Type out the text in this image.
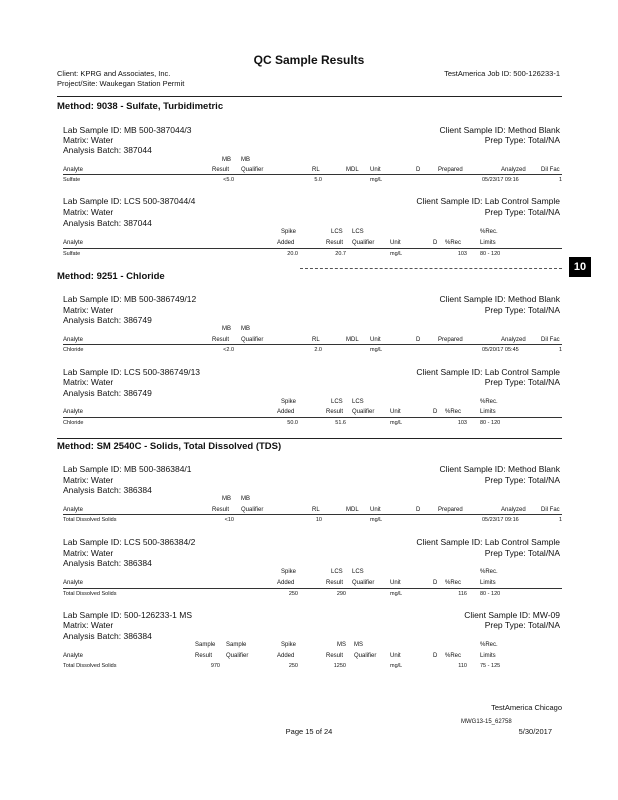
QC Sample Results
Client: KPRG and Associates, Inc.
Project/Site: Waukegan Station Permit
TestAmerica Job ID: 500-126233-1
10
Method: 9038 - Sulfate, Turbidimetric
Lab Sample ID: MB 500-387044/3	Client Sample ID: Method Blank
Matrix: Water	Prep Type: Total/NA
Analysis Batch: 387044
MB MB
Analyte	Result Qualifier	RL	MDL Unit	D	Prepared	Analyzed	Dil Fac
Sulfate	<5.0	5.0	mg/L	05/23/17 09:16	1
Lab Sample ID: LCS 500-387044/4	Client Sample ID: Lab Control Sample
Matrix: Water	Prep Type: Total/NA
Analysis Batch: 387044
Spike	LCS LCS	%Rec.
Analyte	Added	Result Qualifier	Unit	D %Rec	Limits
Sulfate	20.0	20.7	mg/L	103 80 - 120
Method: 9251 - Chloride
Lab Sample ID: MB 500-386749/12	Client Sample ID: Method Blank
Matrix: Water	Prep Type: Total/NA
Analysis Batch: 386749
MB MB
Analyte	Result Qualifier	RL	MDL Unit	D	Prepared	Analyzed	Dil Fac
Chloride	<2.0	2.0	mg/L	05/20/17 05:45	1
Lab Sample ID: LCS 500-386749/13	Client Sample ID: Lab Control Sample
Matrix: Water	Prep Type: Total/NA
Analysis Batch: 386749
Spike	LCS LCS	%Rec.
Analyte	Added	Result Qualifier	Unit	D %Rec	Limits
Chloride	50.0	51.6	mg/L	103 80 - 120
Method: SM 2540C - Solids, Total Dissolved (TDS)
Lab Sample ID: MB 500-386384/1	Client Sample ID: Method Blank
Matrix: Water	Prep Type: Total/NA
Analysis Batch: 386384
MB MB
Analyte	Result Qualifier	RL	MDL Unit	D	Prepared	Analyzed	Dil Fac
Total Dissolved Solids	<10	10	mg/L	05/23/17 09:16	1
Lab Sample ID: LCS 500-386384/2	Client Sample ID: Lab Control Sample
Matrix: Water	Prep Type: Total/NA
Analysis Batch: 386384
Spike	LCS LCS	%Rec.
Analyte	Added	Result Qualifier	Unit	D %Rec	Limits
Total Dissolved Solids	250	290	mg/L	116 80 - 120
Lab Sample ID: 500-126233-1 MS	Client Sample ID: MW-09
Matrix: Water	Prep Type: Total/NA
Analysis Batch: 386384
Sample Sample	Spike	MS MS	%Rec.
Analyte	Result Qualifier	Added	Result Qualifier Unit	D %Rec	Limits
Total Dissolved Solids	970	250	1250	mg/L	110 75 - 125
TestAmerica Chicago
MWG13-15_62758
Page 15 of 24	5/30/2017
